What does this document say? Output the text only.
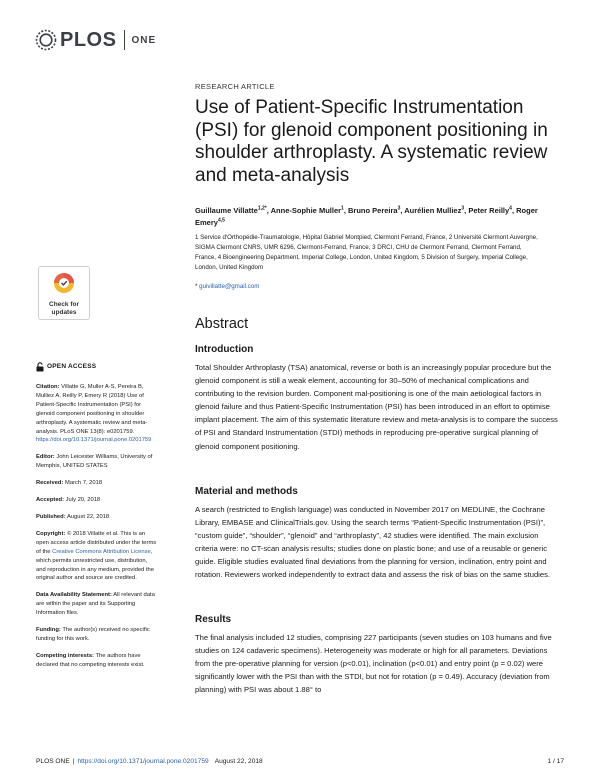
PLOS ONE
RESEARCH ARTICLE
Use of Patient-Specific Instrumentation (PSI) for glenoid component positioning in shoulder arthroplasty. A systematic review and meta-analysis
Guillaume Villatte$^{1,2*}$, Anne-Sophie Muller$^1$, Bruno Pereira$^3$, Aurélien Mulliez$^3$, Peter Reilly$^4$, Roger Emery$^{4,5}$
1 Service d'Orthopédie-Traumatologie, Hôpital Gabriel Montpied, Clermont Ferrand, France, 2 Université Clermont Auvergne, SIGMA Clermont CNRS, UMR 6296, Clermont-Ferrand, France, 3 DRCI, CHU de Clermont Ferrand, Clermont Ferrand, France, 4 Bioengineering Department, Imperial College, London, United Kingdom, 5 Division of Surgery, Imperial College, London, United Kingdom
* guivillatte@gmail.com
Check for
updates
OPEN ACCESS

Citation: Villatte G, Muller A-S, Pereira B, Mulliez A, Reilly P, Emery R (2018) Use of Patient-Specific Instrumentation (PSI) for glenoid component positioning in shoulder arthroplasty. A systematic review and meta-analysis. PLoS ONE 13(8): e0201759. https://doi.org/10.1371/journal.pone.0201759

Editor: John Leicester Williams, University of Memphis, UNITED STATES

Received: March 7, 2018

Accepted: July 20, 2018

Published: August 22, 2018

Copyright: © 2018 Villatte et al. This is an open access article distributed under the terms of the Creative Commons Attribution License, which permits unrestricted use, distribution, and reproduction in any medium, provided the original author and source are credited.

Data Availability Statement: All relevant data are within the paper and its Supporting Information files.

Funding: The author(s) received no specific funding for this work.

Competing interests: The authors have declared that no competing interests exist.

Abstract
Introduction

Total Shoulder Arthroplasty (TSA) anatomical, reverse or both is an increasingly popular procedure but the glenoid component is still a weak element, accounting for 30–50% of mechanical complications and contributing to the revision burden. Component mal-positioning is one of the main aetiological factors in glenoid failure and thus Patient-Specific Instrumentation (PSI) has been introduced in an effort to optimise implant placement. The aim of this systematic literature review and meta-analysis is to compare the success of PSI and Standard Instrumentation (STDI) methods in reproducing pre-operative surgical planning of glenoid component positioning.

Material and methods

A search (restricted to English language) was conducted in November 2017 on MEDLINE, the Cochrane Library, EMBASE and ClinicalTrials.gov. Using the search terms “Patient-Specific Instrumentation (PSI)”, “custom guide”, “shoulder”, “glenoid” and “arthroplasty”, 42 studies were identified. The main exclusion criteria were: no CT-scan analysis results; studies done on plastic bone; and use of a reusable or generic guide. Eligible studies evaluated final deviations from the planning for version, inclination, entry point and rotation. Reviewers worked independently to extract data and assess the risk of bias on the same studies.

Results

The final analysis included 12 studies, comprising 227 participants (seven studies on 103 humans and five studies on 124 cadaveric specimens). Heterogeneity was moderate or high for all parameters. Deviations from the pre-operative planning for version (p<0.01), inclination (p<0.01) and entry point (p = 0.02) were significantly lower with the PSI than with the STDI, but not for rotation (p = 0.49). Accuracy (deviation from planning) with PSI was about 1.88° to

PLOS ONE | https://doi.org/10.1371/journal.pone.0201759 August 22, 2018	1 / 17
